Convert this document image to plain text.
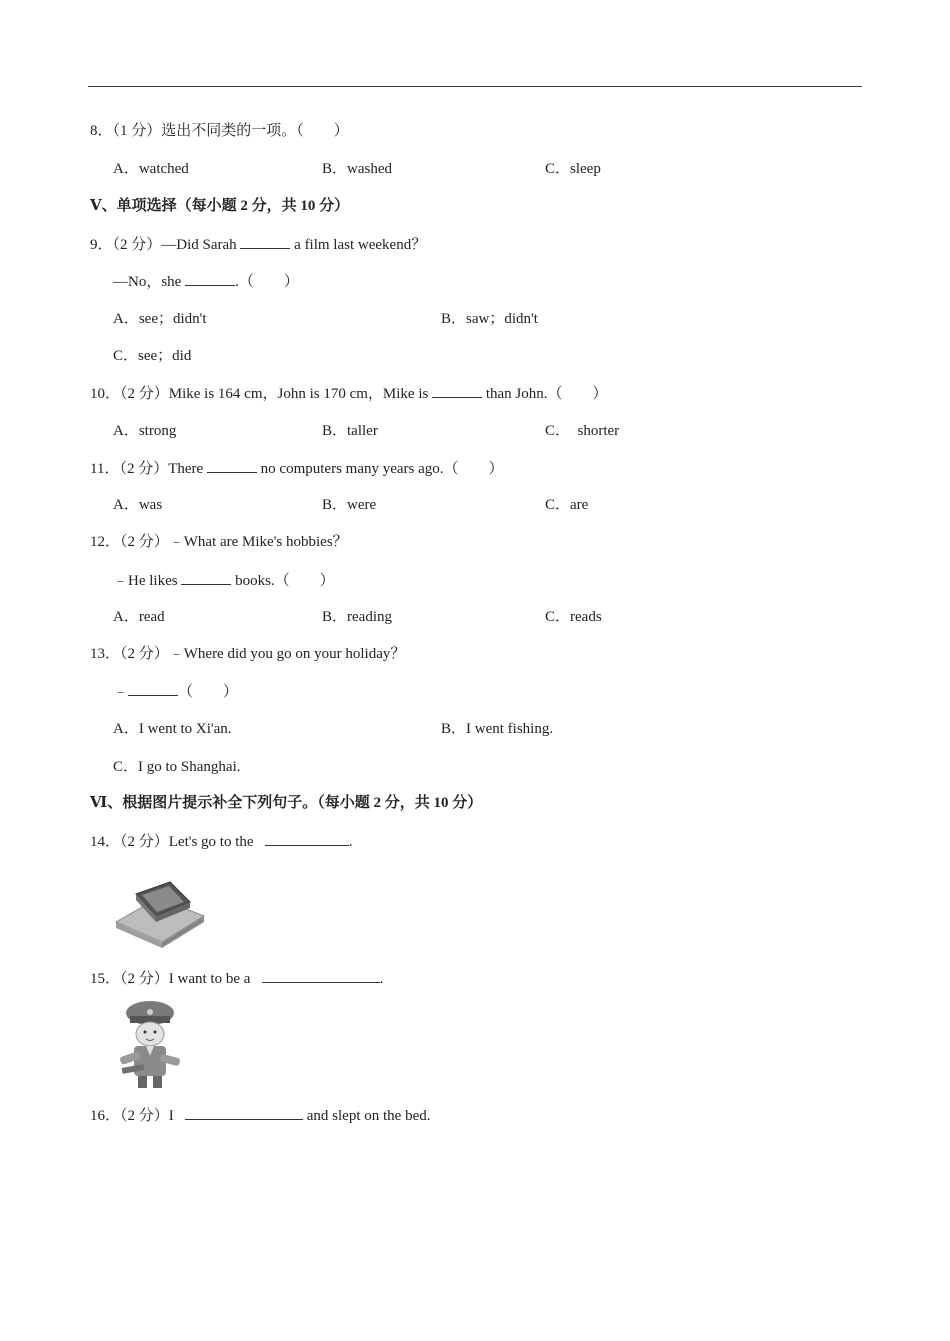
8．（1 分）选出不同类的一项。（　　）
A．watched	B．washed	C．sleep
Ⅴ、单项选择（每小题 2 分，共 10 分）
9．（2 分）—Did Sarah	a film last weekend？
—No，she	.（　　）
A．see；didn't	B．saw；didn't
C．see；did
10．（2 分）Mike is 164 cm，John is 170 cm，Mike is	than John.（　　）
A．strong	B．taller	C．  shorter
11．（2 分）There	no computers many years ago.（　　）
A．was	B．were	C．are
12．（2 分）﹣What are Mike's hobbies？
﹣He likes	books.（　　）
A．read	B．reading	C．reads
13．（2 分）﹣Where did you go on your holiday？
﹣	（　　）
A．I went to Xi'an.	B．I went fishing.
C．I go to Shanghai.
Ⅵ、根据图片提示补全下列句子。（每小题 2 分，共 10 分）
14．（2 分）Let's go to the	.
15．（2 分）I want to be a	.
16．（2 分）I	and slept on the bed.
